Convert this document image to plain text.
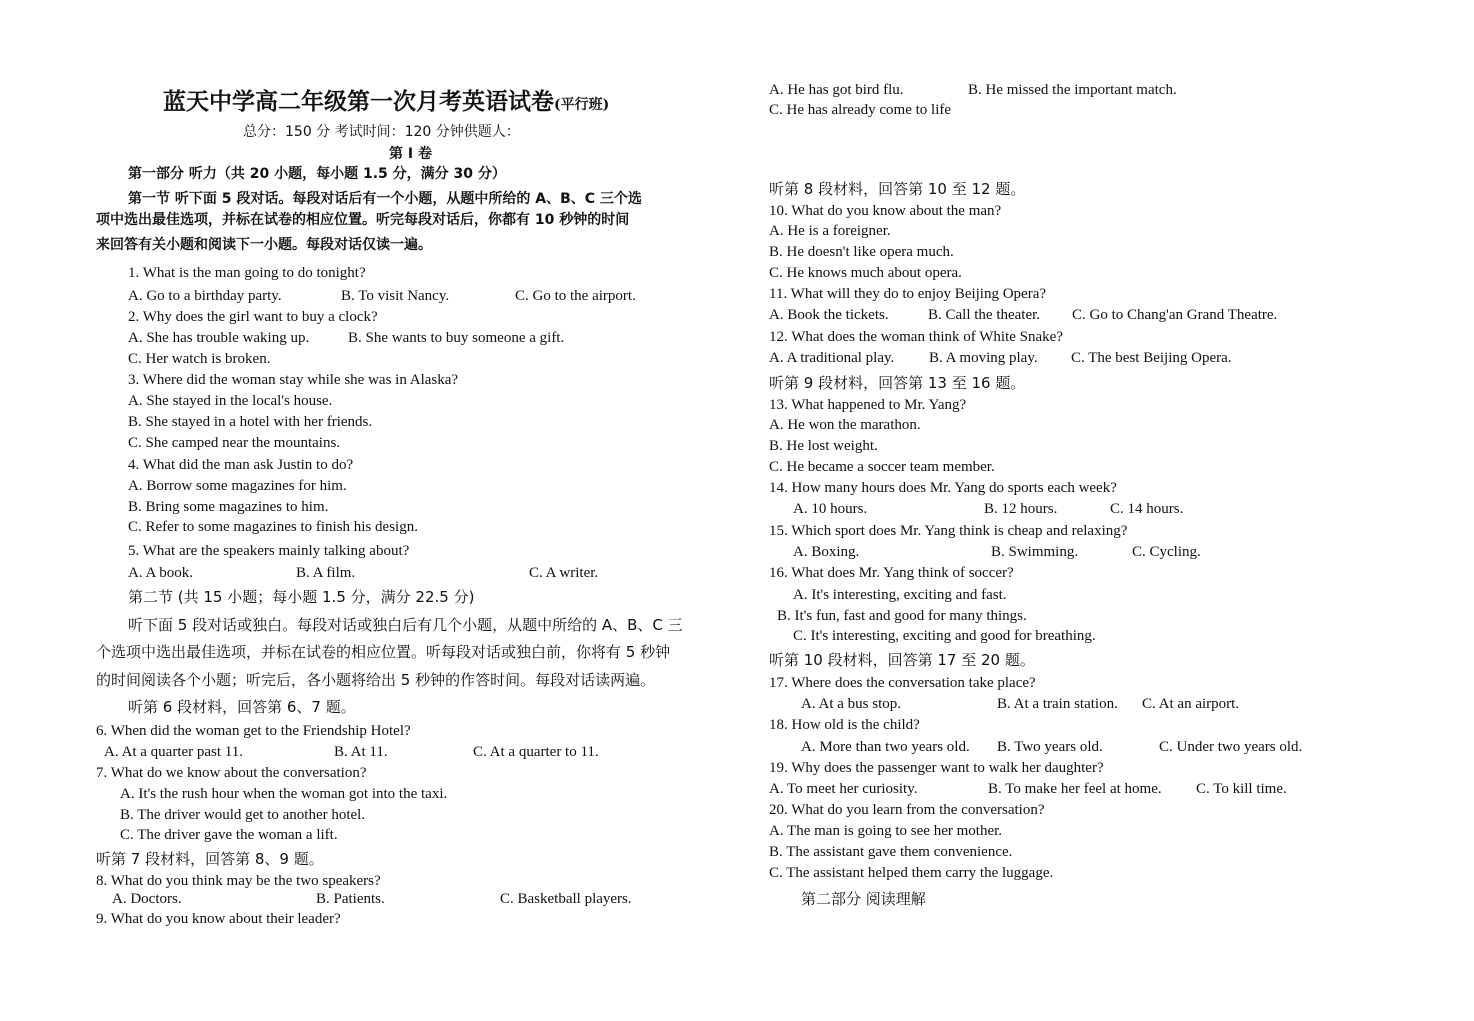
蓝天中学高二年级第一次月考英语试卷(平行班)
总分：150 分 考试时间：120 分钟供题人：
第 I 卷
第一部分 听力（共 20 小题，每小题 1.5 分，满分 30 分）
第一节 听下面 5 段对话。每段对话后有一个小题，从题中所给的 A、B、C 三个选
项中选出最佳选项，并标在试卷的相应位置。听完每段对话后，你都有 10 秒钟的时间
来回答有关小题和阅读下一小题。每段对话仅读一遍。
1. What is the man going to do tonight?
A. Go to a birthday party.	B. To visit Nancy.	C. Go to the airport.
2. Why does the girl want to buy a clock?
A. She has trouble waking up.	B. She wants to buy someone a gift.
C. Her watch is broken.
3. Where did the woman stay while she was in Alaska?
A. She stayed in the local's house.
B. She stayed in a hotel with her friends.
C. She camped near the mountains.
4. What did the man ask Justin to do?
A. Borrow some magazines for him.
B. Bring some magazines to him.
C. Refer to some magazines to finish his design.
5. What are the speakers mainly talking about?
A. A book.	B. A film.	C. A writer.
第二节 (共 15 小题；每小题 1.5 分，满分 22.5 分)
听下面 5 段对话或独白。每段对话或独白后有几个小题，从题中所给的 A、B、C 三
个选项中选出最佳选项，并标在试卷的相应位置。听每段对话或独白前，你将有 5 秒钟
的时间阅读各个小题；听完后，各小题将给出 5 秒钟的作答时间。每段对话读两遍。
听第 6 段材料，回答第 6、7 题。
6. When did the woman get to the Friendship Hotel?
A. At a quarter past 11.	B. At 11.	C. At a quarter to 11.
7. What do we know about the conversation?
A. It's the rush hour when the woman got into the taxi.
B. The driver would get to another hotel.
C. The driver gave the woman a lift.
听第 7 段材料，回答第 8、9 题。
8. What do you think may be the two speakers?
A. Doctors.	B. Patients.	C. Basketball players.
9. What do you know about their leader?
A. He has got bird flu.	B. He missed the important match.
C. He has already come to life
听第 8 段材料，回答第 10 至 12 题。
10. What do you know about the man?
A. He is a foreigner.
B. He doesn't like opera much.
C. He knows much about opera.
11. What will they do to enjoy Beijing Opera?
A. Book the tickets.	B. Call the theater. C. Go to Chang'an Grand Theatre.
12. What does the woman think of White Snake?
A. A traditional play. B. A moving play. C. The best Beijing Opera.
听第 9 段材料，回答第 13 至 16 题。
13. What happened to Mr. Yang?
A. He won the marathon.
B. He lost weight.
C. He became a soccer team member.
14. How many hours does Mr. Yang do sports each week?
A. 10 hours.	B. 12 hours.	C. 14 hours.
15. Which sport does Mr. Yang think is cheap and relaxing?
A. Boxing.	B. Swimming.	C. Cycling.
16. What does Mr. Yang think of soccer?
A. It's interesting, exciting and fast.
B. It's fun, fast and good for many things.
C. It's interesting, exciting and good for breathing.
听第 10 段材料，回答第 17 至 20 题。
17. Where does the conversation take place?
A. At a bus stop.	B. At a train station. C. At an airport.
18. How old is the child?
A. More than two years old. B. Two years old.	C. Under two years old.
19. Why does the passenger want to walk her daughter?
A. To meet her curiosity.	B. To make her feel at home. C. To kill time.
20. What do you learn from the conversation?
A. The man is going to see her mother.
B. The assistant gave them convenience.
C. The assistant helped them carry the luggage.
第二部分 阅读理解
